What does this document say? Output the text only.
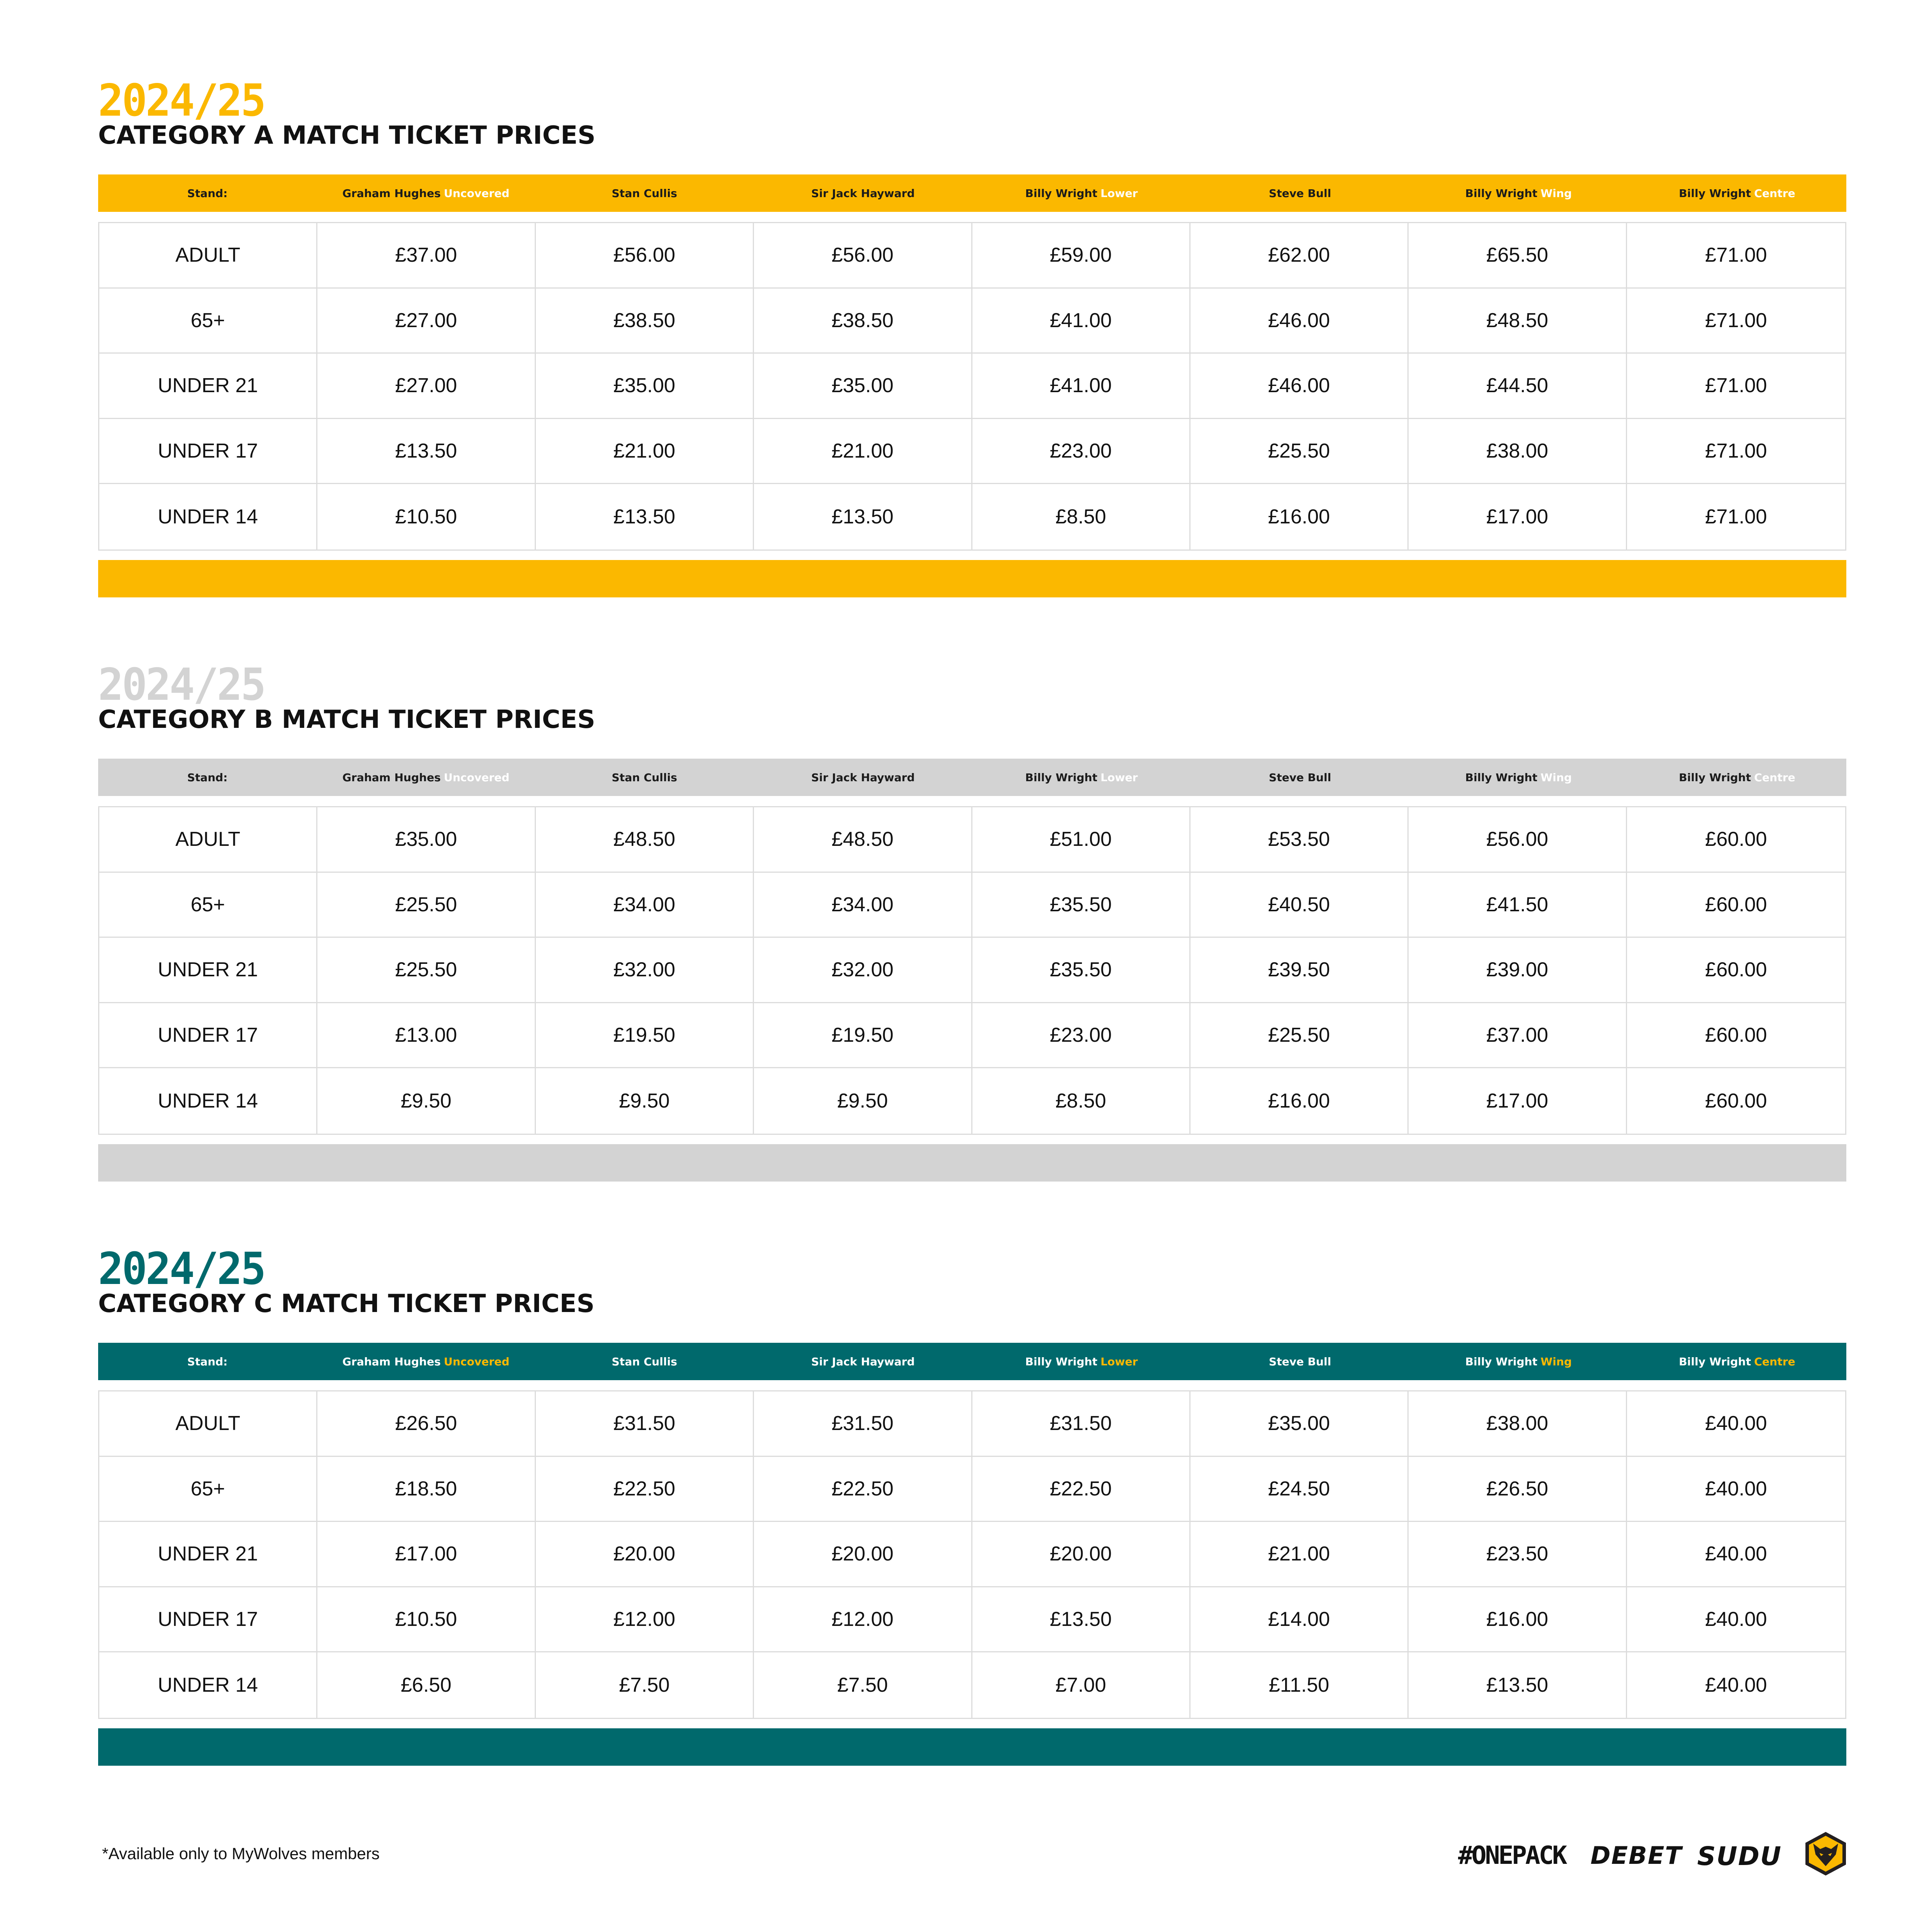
2024/25
CATEGORY A MATCH TICKET PRICES
Stand:	Graham Hughes Uncovered	Stan Cullis	Sir Jack Hayward	Billy Wright Lower	Steve Bull	Billy Wright Wing	Billy Wright Centre
ADULT	£37.00	£56.00	£56.00	£59.00	£62.00	£65.50	£71.00
65+	£27.00	£38.50	£38.50	£41.00	£46.00	£48.50	£71.00
UNDER 21	£27.00	£35.00	£35.00	£41.00	£46.00	£44.50	£71.00
UNDER 17	£13.50	£21.00	£21.00	£23.00	£25.50	£38.00	£71.00
UNDER 14	£10.50	£13.50	£13.50	£8.50	£16.00	£17.00	£71.00
2024/25
CATEGORY B MATCH TICKET PRICES
Stand:	Graham Hughes Uncovered	Stan Cullis	Sir Jack Hayward	Billy Wright Lower	Steve Bull	Billy Wright Wing	Billy Wright Centre
ADULT	£35.00	£48.50	£48.50	£51.00	£53.50	£56.00	£60.00
65+	£25.50	£34.00	£34.00	£35.50	£40.50	£41.50	£60.00
UNDER 21	£25.50	£32.00	£32.00	£35.50	£39.50	£39.00	£60.00
UNDER 17	£13.00	£19.50	£19.50	£23.00	£25.50	£37.00	£60.00
UNDER 14	£9.50	£9.50	£9.50	£8.50	£16.00	£17.00	£60.00
2024/25
CATEGORY C MATCH TICKET PRICES
Stand:	Graham Hughes Uncovered	Stan Cullis	Sir Jack Hayward	Billy Wright Lower	Steve Bull	Billy Wright Wing	Billy Wright Centre
ADULT	£26.50	£31.50	£31.50	£31.50	£35.00	£38.00	£40.00
65+	£18.50	£22.50	£22.50	£22.50	£24.50	£26.50	£40.00
UNDER 21	£17.00	£20.00	£20.00	£20.00	£21.00	£23.50	£40.00
UNDER 17	£10.50	£12.00	£12.00	£13.50	£14.00	£16.00	£40.00
UNDER 14	£6.50	£7.50	£7.50	£7.00	£11.50	£13.50	£40.00
*Available only to MyWolves members	#ONEPACK DEBET SUDU
